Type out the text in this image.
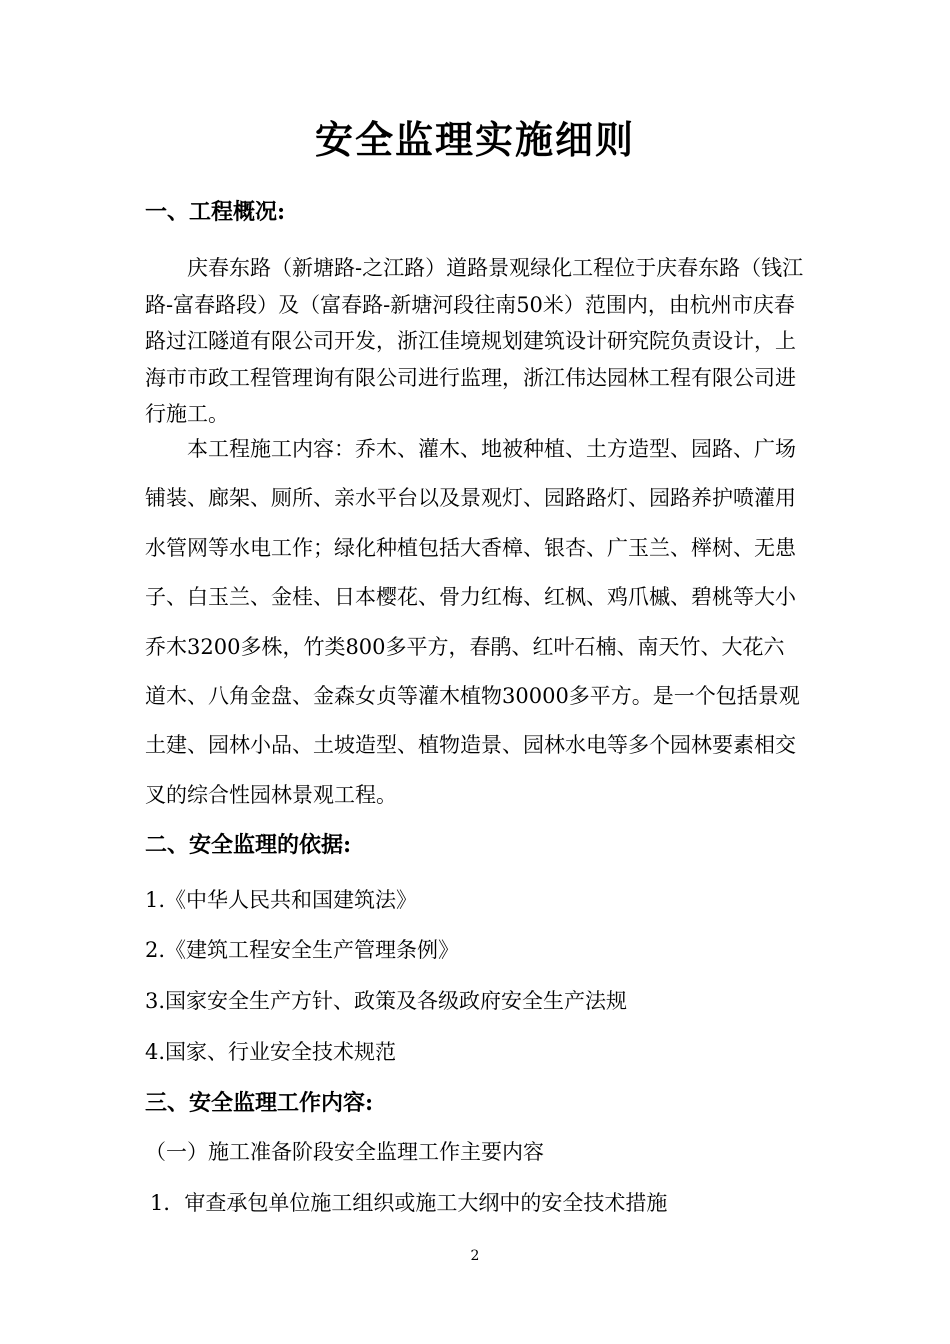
安全监理实施细则
一、工程概况:

庆春东路（新塘路-之江路）道路景观绿化工程位于庆春东路（钱江路-富春路段）及（富春路-新塘河段往南50米）范围内，由杭州市庆春路过江隧道有限公司开发，浙江佳境规划建筑设计研究院负责设计，上海市市政工程管理询有限公司进行监理，浙江伟达园林工程有限公司进行施工。

本工程施工内容：乔木、灌木、地被种植、土方造型、园路、广场铺装、廊架、厕所、亲水平台以及景观灯、园路路灯、园路养护喷灌用水管网等水电工作；绿化种植包括大香樟、银杏、广玉兰、榉树、无患子、白玉兰、金桂、日本樱花、骨力红梅、红枫、鸡爪槭、碧桃等大小乔木3200多株，竹类800多平方，春鹃、红叶石楠、南天竹、大花六道木、八角金盘、金森女贞等灌木植物30000多平方。是一个包括景观土建、园林小品、土坡造型、植物造景、园林水电等多个园林要素相交叉的综合性园林景观工程。

二、安全监理的依据:

1.《中华人民共和国建筑法》

2.《建筑工程安全生产管理条例》

3.国家安全生产方针、政策及各级政府安全生产法规

4.国家、行业安全技术规范

三、安全监理工作内容:

（一）施工准备阶段安全监理工作主要内容

1．审查承包单位施工组织或施工大纲中的安全技术措施

2
